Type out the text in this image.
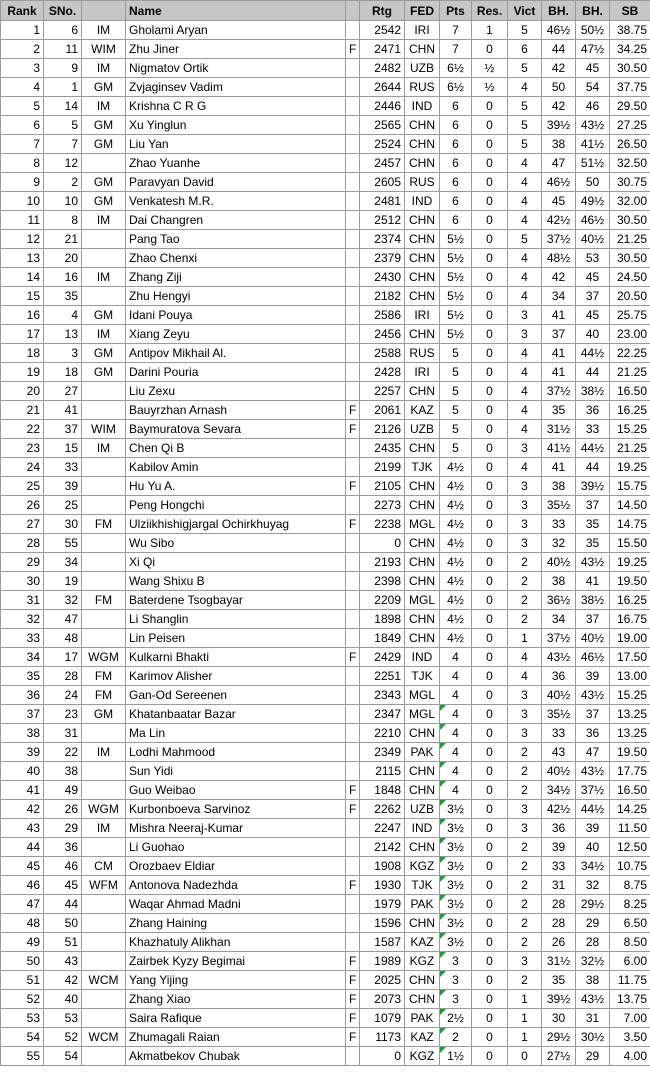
Rank	SNo.		Name		Rtg	FED	Pts	Res.	Vict	BH.	BH.	SB
1	6	IM	Gholami Aryan		2542	IRI	7	1	5	46½	50½	38.75
2	11	WIM	Zhu Jiner	F	2471	CHN	7	0	6	44	47½	34.25
3	9	IM	Nigmatov Ortik		2482	UZB	6½	½	5	42	45	30.50
4	1	GM	Zvjaginsev Vadim		2644	RUS	6½	½	4	50	54	37.75
5	14	IM	Krishna C R G		2446	IND	6	0	5	42	46	29.50
6	5	GM	Xu Yinglun		2565	CHN	6	0	5	39½	43½	27.25
7	7	GM	Liu Yan		2524	CHN	6	0	5	38	41½	26.50
8	12		Zhao Yuanhe		2457	CHN	6	0	4	47	51½	32.50
9	2	GM	Paravyan David		2605	RUS	6	0	4	46½	50	30.75
10	10	GM	Venkatesh M.R.		2481	IND	6	0	4	45	49½	32.00
11	8	IM	Dai Changren		2512	CHN	6	0	4	42½	46½	30.50
12	21		Pang Tao		2374	CHN	5½	0	5	37½	40½	21.25
13	20		Zhao Chenxi		2379	CHN	5½	0	4	48½	53	30.50
14	16	IM	Zhang Ziji		2430	CHN	5½	0	4	42	45	24.50
15	35		Zhu Hengyi		2182	CHN	5½	0	4	34	37	20.50
16	4	GM	Idani Pouya		2586	IRI	5½	0	3	41	45	25.75
17	13	IM	Xiang Zeyu		2456	CHN	5½	0	3	37	40	23.00
18	3	GM	Antipov Mikhail Al.		2588	RUS	5	0	4	41	44½	22.25
19	18	GM	Darini Pouria		2428	IRI	5	0	4	41	44	21.25
20	27		Liu Zexu		2257	CHN	5	0	4	37½	38½	16.50
21	41		Bauyrzhan Arnash	F	2061	KAZ	5	0	4	35	36	16.25
22	37	WIM	Baymuratova Sevara	F	2126	UZB	5	0	4	31½	33	15.25
23	15	IM	Chen Qi B		2435	CHN	5	0	3	41½	44½	21.25
24	33		Kabilov Amin		2199	TJK	4½	0	4	41	44	19.25
25	39		Hu Yu A.	F	2105	CHN	4½	0	3	38	39½	15.75
26	25		Peng Hongchi		2273	CHN	4½	0	3	35½	37	14.50
27	30	FM	Ulziikhishigjargal Ochirkhuyag	F	2238	MGL	4½	0	3	33	35	14.75
28	55		Wu Sibo		0	CHN	4½	0	3	32	35	15.50
29	34		Xi Qi		2193	CHN	4½	0	2	40½	43½	19.25
30	19		Wang Shixu B		2398	CHN	4½	0	2	38	41	19.50
31	32	FM	Baterdene Tsogbayar		2209	MGL	4½	0	2	36½	38½	16.25
32	47		Li Shanglin		1898	CHN	4½	0	2	34	37	16.75
33	48		Lin Peisen		1849	CHN	4½	0	1	37½	40½	19.00
34	17	WGM	Kulkarni Bhakti	F	2429	IND	4	0	4	43½	46½	17.50
35	28	FM	Karimov Alisher		2251	TJK	4	0	4	36	39	13.00
36	24	FM	Gan-Od Sereenen		2343	MGL	4	0	3	40½	43½	15.25
37	23	GM	Khatanbaatar Bazar		2347	MGL	4	0	3	35½	37	13.25
38	31		Ma Lin		2210	CHN	4	0	3	33	36	13.25
39	22	IM	Lodhi Mahmood		2349	PAK	4	0	2	43	47	19.50
40	38		Sun Yidi		2115	CHN	4	0	2	40½	43½	17.75
41	49		Guo Weibao	F	1848	CHN	4	0	2	34½	37½	16.50
42	26	WGM	Kurbonboeva Sarvinoz	F	2262	UZB	3½	0	3	42½	44½	14.25
43	29	IM	Mishra Neeraj-Kumar		2247	IND	3½	0	3	36	39	11.50
44	36		Li Guohao		2142	CHN	3½	0	2	39	40	12.50
45	46	CM	Orozbaev Eldiar		1908	KGZ	3½	0	2	33	34½	10.75
46	45	WFM	Antonova Nadezhda	F	1930	TJK	3½	0	2	31	32	8.75
47	44		Waqar Ahmad Madni		1979	PAK	3½	0	2	28	29½	8.25
48	50		Zhang Haining		1596	CHN	3½	0	2	28	29	6.50
49	51		Khazhatuly Alikhan		1587	KAZ	3½	0	2	26	28	8.50
50	43		Zairbek Kyzy Begimai	F	1989	KGZ	3	0	3	31½	32½	6.00
51	42	WCM	Yang Yijing	F	2025	CHN	3	0	2	35	38	11.75
52	40		Zhang Xiao	F	2073	CHN	3	0	1	39½	43½	13.75
53	53		Saira Rafique	F	1079	PAK	2½	0	1	30	31	7.00
54	52	WCM	Zhumagali Raian	F	1173	KAZ	2	0	1	29½	30½	3.50
55	54		Akmatbekov Chubak		0	KGZ	1½	0	0	27½	29	4.00
